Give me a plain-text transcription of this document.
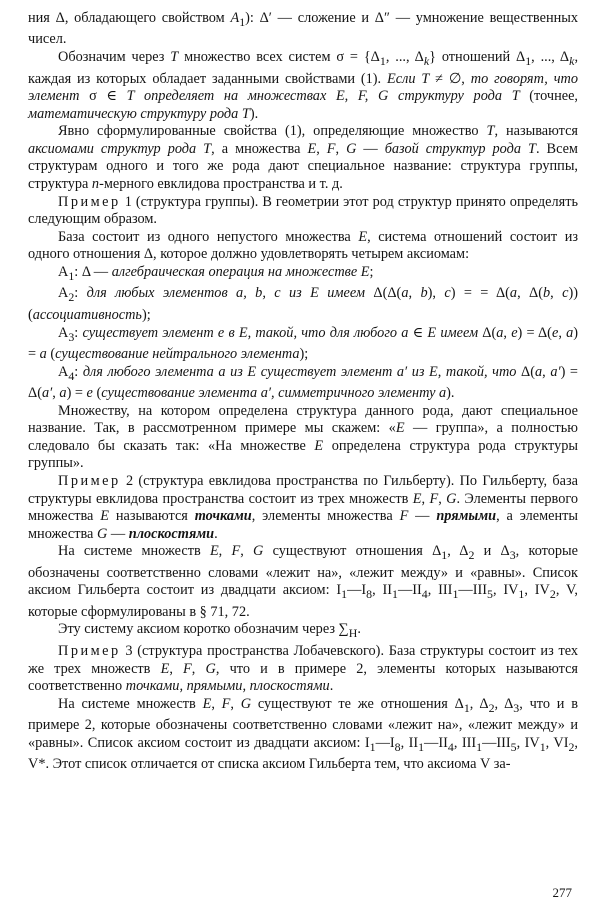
ния Δ, обладающего свойством $A_1$): Δ′ — сложение и Δ″ — умножение вещественных чисел.

Обозначим через T множество всех систем $\sigma = \{\Delta_1$, ..., $\Delta_k$} отношений $\Delta_1$, ..., $\Delta_k$, каждая из которых обладает заданными свойствами (1). Если T ≠ ∅, то говорят, что элемент σ ∈ T определяет на множествах E, F, G структуру рода T (точнее, математическую структуру рода T).

Явно сформулированные свойства (1), определяющие множество T, называются аксиомами структур рода T, а множества E, F, G — базой структур рода T. Всем структурам одного и того же рода дают специальное название: структура группы, структура n-мерного евклидова пространства и т. д.

Пример 1 (структура группы). В геометрии этот род структур принято определять следующим образом.

База состоит из одного непустого множества E, система отношений состоит из одного отношения Δ, которое должно удовлетворять четырем аксиомам:

$A_1$: Δ — алгебраическая операция на множестве E;

$A_2$: для любых элементов a, b, c из E имеем Δ(Δ(a, b), c) = = Δ(a, Δ(b, c)) (ассоциативность);

$A_3$: существует элемент e в E, такой, что для любого a ∈ E имеем Δ(a, e) = Δ(e, a) = a (существование нейтрального элемента);

$A_4$: для любого элемента a из E существует элемент a′ из E, такой, что Δ(a, a′) = Δ(a′, a) = e (существование элемента a′, симметричного элементу a).

Множеству, на котором определена структура данного рода, дают специальное название. Так, в рассмотренном примере мы скажем: «E — группа», а полностью следовало бы сказать так: «На множестве E определена структура рода структуры группы».

Пример 2 (структура евклидова пространства по Гильберту). По Гильберту, база структуры евклидова пространства состоит из трех множеств E, F, G. Элементы первого множества E называются точками, элементы множества F — прямыми, а элементы множества G — плоскостями.

На системе множеств E, F, G существуют отношения $\Delta_1$, $\Delta_2$ и $\Delta_3$, которые обозначены соответственно словами «лежит на», «лежит между» и «равны». Список аксиом Гильберта состоит из двадцати аксиом: $I_1—I_8$, $II_1—II_4$, $III_1—III_5$, $IV_1$, $IV_2$, V, которые сформулированы в § 71, 72.

Эту систему аксиом коротко обозначим через $\sum_H$.

Пример 3 (структура пространства Лобачевского). База структуры состоит из тех же трех множеств E, F, G, что и в примере 2, элементы которых называются соответственно точками, прямыми, плоскостями.

На системе множеств E, F, G существуют те же отношения $\Delta_1$, $\Delta_2$, $\Delta_3$, что и в примере 2, которые обозначены соответственно словами «лежит на», «лежит между» и «равны». Список аксиом состоит из двадцати аксиом: $I_1—I_8$, $II_1—II_4$, $III_1—III_5$, $IV_1$, $VI_2$, V*. Этот список отличается от списка аксиом Гильберта тем, что аксиома V за-

277
